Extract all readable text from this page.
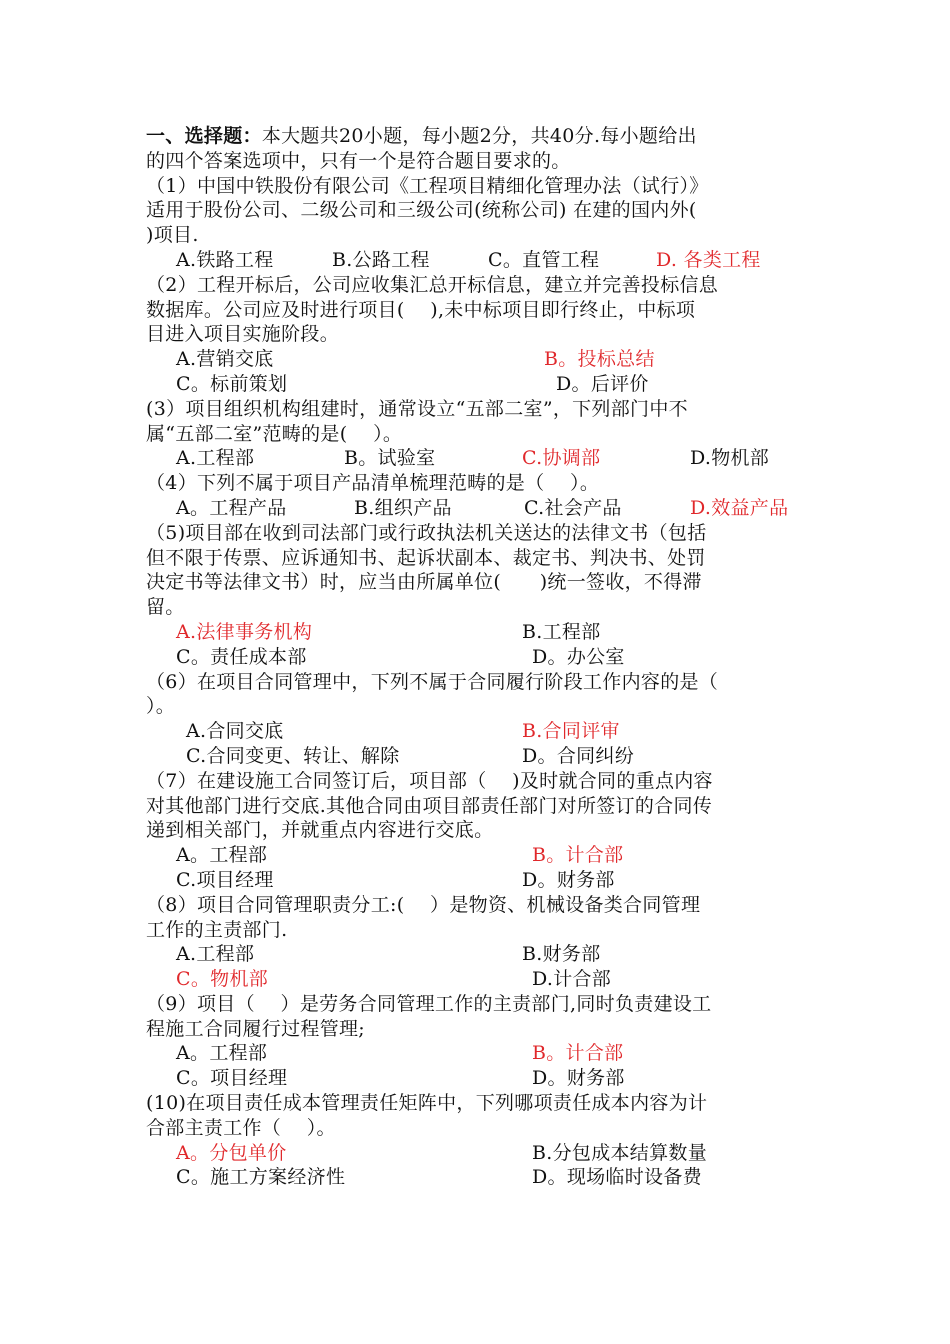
一、选择题：本大题共20小题，每小题2分，共40分.每小题给出
的四个答案选项中，只有一个是符合题目要求的。
（1）中国中铁股份有限公司《工程项目精细化管理办法（试行）》
适用于股份公司、二级公司和三级公司(统称公司) 在建的国内外(
)项目.
A.铁路工程	B.公路工程	C。直管工程	D. 各类工程
（2）工程开标后，公司应收集汇总开标信息，建立并完善投标信息
数据库。公司应及时进行项目(　 ),未中标项目即行终止，中标项
目进入项目实施阶段。
A.营销交底	B。投标总结
C。标前策划	D。后评价
(3）项目组织机构组建时，通常设立“五部二室”，下列部门中不
属“五部二室”范畴的是(　 ）。
A.工程部	B。试验室	C.协调部	D.物机部
（4）下列不属于项目产品清单梳理范畴的是（　 ）。
A。工程产品	B.组织产品	C.社会产品	D.效益产品
（5)项目部在收到司法部门或行政执法机关送达的法律文书（包括
但不限于传票、应诉通知书、起诉状副本、裁定书、判决书、处罚
决定书等法律文书）时，应当由所属单位(　　)统一签收，不得滞
留。
A.法律事务机构	B.工程部
C。责任成本部	D。办公室
（6）在项目合同管理中，下列不属于合同履行阶段工作内容的是（
）。
A.合同交底	B.合同评审
C.合同变更、转让、解除	D。合同纠纷
（7）在建设施工合同签订后，项目部（　 )及时就合同的重点内容
对其他部门进行交底.其他合同由项目部责任部门对所签订的合同传
递到相关部门，并就重点内容进行交底。
A。工程部	B。计合部
C.项目经理	D。财务部
（8）项目合同管理职责分工:(　 ）是物资、机械设备类合同管理
工作的主责部门.
A.工程部	B.财务部
C。物机部	D.计合部
（9）项目（　 ）是劳务合同管理工作的主责部门,同时负责建设工
程施工合同履行过程管理;
A。工程部	B。计合部
C。项目经理	D。财务部
(10)在项目责任成本管理责任矩阵中，下列哪项责任成本内容为计
合部主责工作（　 ）。
A。分包单价	B.分包成本结算数量
C。施工方案经济性	D。现场临时设备费
